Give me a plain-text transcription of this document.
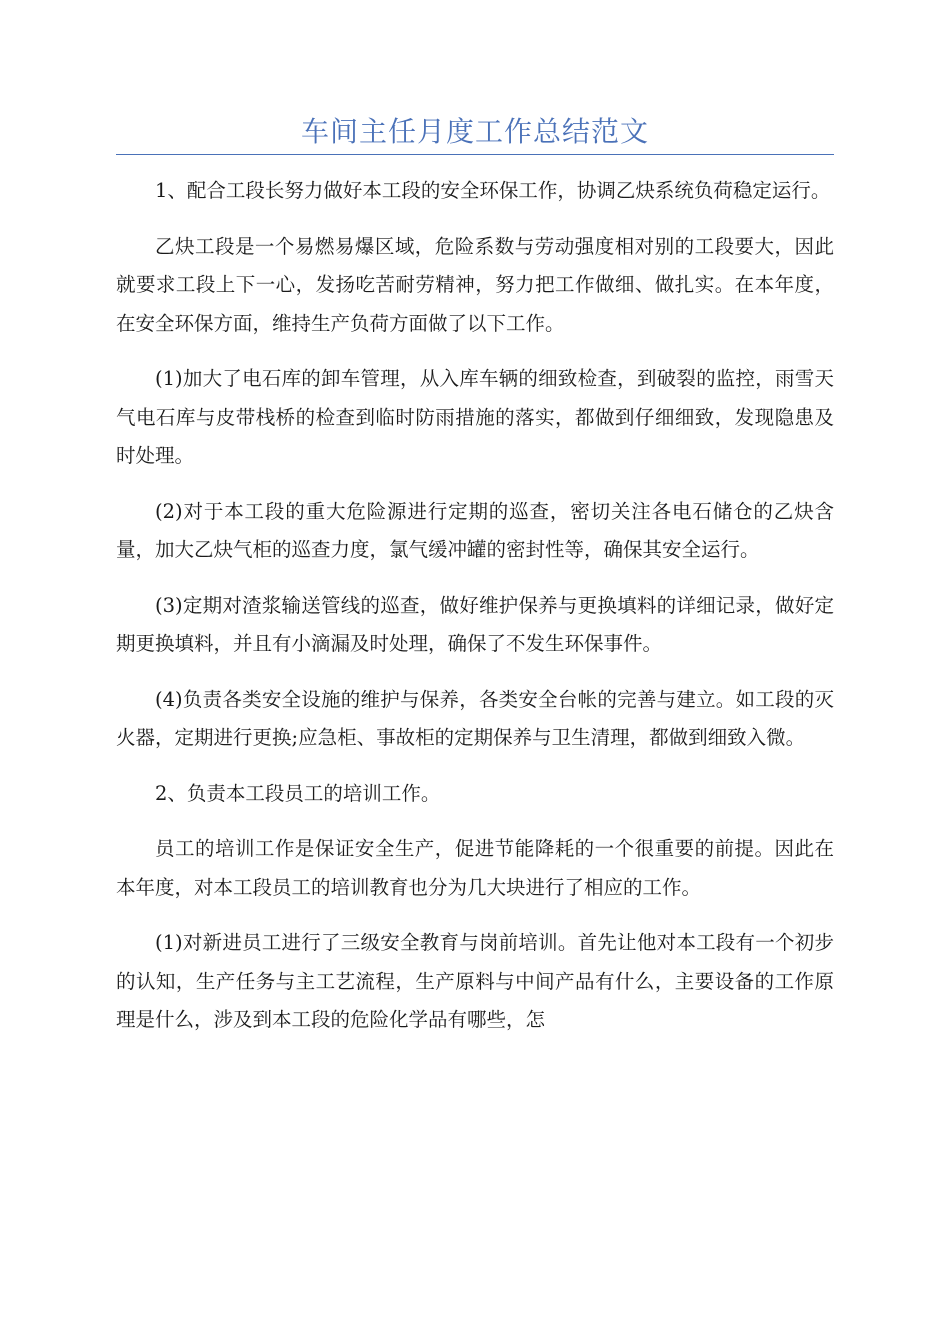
车间主任月度工作总结范文

1、配合工段长努力做好本工段的安全环保工作，协调乙炔系统负荷稳定运行。

乙炔工段是一个易燃易爆区域，危险系数与劳动强度相对别的工段要大，因此就要求工段上下一心，发扬吃苦耐劳精神，努力把工作做细、做扎实。在本年度，在安全环保方面，维持生产负荷方面做了以下工作。

(1)加大了电石库的卸车管理，从入库车辆的细致检查，到破裂的监控，雨雪天气电石库与皮带栈桥的检查到临时防雨措施的落实，都做到仔细细致，发现隐患及时处理。

(2)对于本工段的重大危险源进行定期的巡查，密切关注各电石储仓的乙炔含量，加大乙炔气柜的巡查力度，氯气缓冲罐的密封性等，确保其安全运行。

(3)定期对渣浆输送管线的巡查，做好维护保养与更换填料的详细记录，做好定期更换填料，并且有小滴漏及时处理，确保了不发生环保事件。

(4)负责各类安全设施的维护与保养，各类安全台帐的完善与建立。如工段的灭火器，定期进行更换;应急柜、事故柜的定期保养与卫生清理，都做到细致入微。

2、负责本工段员工的培训工作。

员工的培训工作是保证安全生产，促进节能降耗的一个很重要的前提。因此在本年度，对本工段员工的培训教育也分为几大块进行了相应的工作。

(1)对新进员工进行了三级安全教育与岗前培训。首先让他对本工段有一个初步的认知，生产任务与主工艺流程，生产原料与中间产品有什么，主要设备的工作原理是什么，涉及到本工段的危险化学品有哪些，怎
